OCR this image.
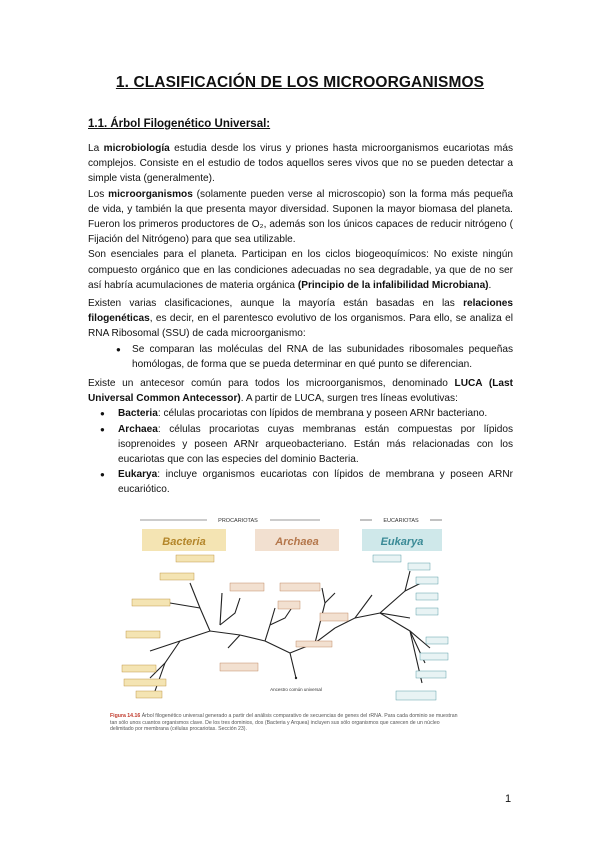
1. CLASIFICACIÓN DE LOS MICROORGANISMOS
1.1. Árbol Filogenético Universal:

La microbiología estudia desde los virus y priones hasta microorganismos eucariotas más complejos. Consiste en el estudio de todos aquellos seres vivos que no se pueden detectar a simple vista (generalmente).

Los microorganismos (solamente pueden verse al microscopio) son la forma más pequeña de vida, y también la que presenta mayor diversidad. Suponen la mayor biomasa del planeta. Fueron los primeros productores de O₂, además son los únicos capaces de reducir nitrógeno ( Fijación del Nitrógeno) para que sea utilizable.

Son esenciales para el planeta. Participan en los ciclos biogeoquímicos: No existe ningún compuesto orgánico que en las condiciones adecuadas no sea degradable, ya que de no ser así habría acumulaciones de materia orgánica (Principio de la infalibilidad Microbiana).

Existen varias clasificaciones, aunque la mayoría están basadas en las relaciones filogenéticas, es decir, en el parentesco evolutivo de los organismos. Para ello, se analiza el RNA Ribosomal (SSU) de cada microorganismo:

● Se comparan las moléculas del RNA de las subunidades ribosomales pequeñas homólogas, de forma que se pueda determinar en qué punto se diferencian.

Existe un antecesor común para todos los microorganismos, denominado LUCA (Last Universal Common Antecessor). A partir de LUCA, surgen tres líneas evolutivas:

● Bacteria: células procariotas con lípidos de membrana y poseen ARNr bacteriano.
● Archaea: células procariotas cuyas membranas están compuestas por lípidos isoprenoides y poseen ARNr arqueobacteriano. Están más relacionadas con los eucariotas que con las especies del dominio Bacteria.
● Eukarya: incluye organismos eucariotas con lípidos de membrana y poseen ARNr eucariótico.
PROCARIOTAS	EUCARIOTAS
Bacteria	Archaea	Eukarya
Ancestro común universal
Figura 14.16 Árbol filogenético universal generado a partir del análisis comparativo de secuencias de genes del rRNA. Para cada dominio se muestran tan sólo unos cuantos organismos clave. De los tres dominios, dos (Bacteria y Arquea) incluyen sus sólo organismos que carecen de un núcleo delimitado por membrana (células procariotas. Sección 23).
1
